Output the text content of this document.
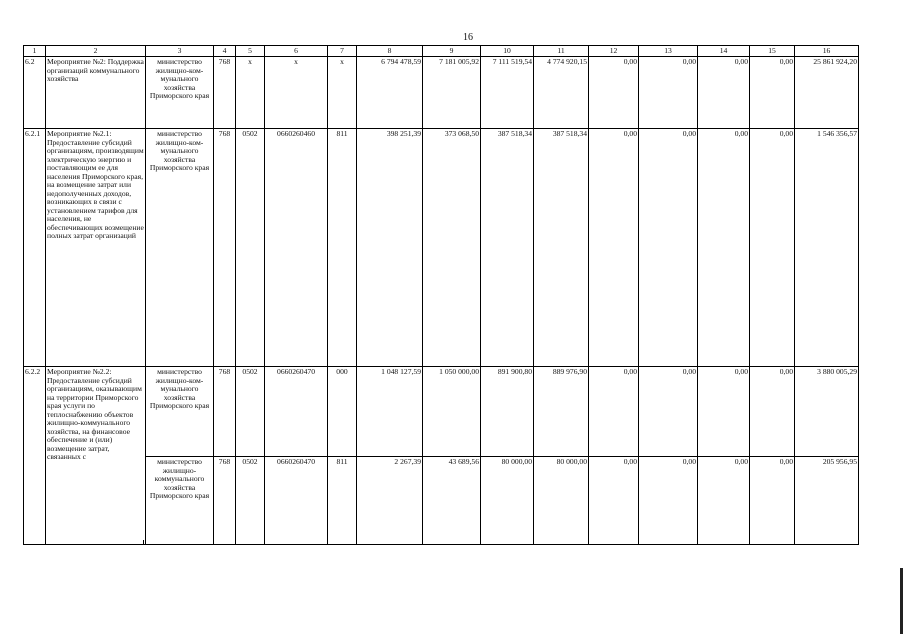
16
1	2	3	4	5	6	7	8	9	10	11	12	13	14	15	16
6.2	Мероприятие №2: Поддержка организаций коммунального хозяйства	министерство жилищно-ком-мунального хозяйства Приморского края	768	х	х	х	6 794 478,59	7 181 005,92	7 111 519,54	4 774 920,15	0,00	0,00	0,00	0,00	25 861 924,20
6.2.1	Мероприятие №2.1: Предоставление субсидий организациям, производящим электрическую энергию и поставляющим ее для населения Приморского края, на возмещение затрат или недополученных доходов, возникающих в связи с установлением тарифов для населения, не обеспечивающих возмещение полных затрат организаций	министерство жилищно-ком-мунального хозяйства Приморского края	768	0502	0660260460	811	398 251,39	373 068,50	387 518,34	387 518,34	0,00	0,00	0,00	0,00	1 546 356,57
6.2.2	Мероприятие №2.2: Предоставление субсидий организациям, оказывающим на территории Приморского края услуги по теплоснабжению объектов жилищно-коммунального хозяйства, на финансовое обеспечение и (или) возмещение затрат, связанных с	министерство жилищно-ком-мунального хозяйства Приморского края	768	0502	0660260470	000	1 048 127,59	1 050 000,00	891 900,80	889 976,90	0,00	0,00	0,00	0,00	3 880 005,29
		министерство жилищно-коммунального хозяйства Приморского края	768	0502	0660260470	811	2 267,39	43 689,56	80 000,00	80 000,00	0,00	0,00	0,00	0,00	205 956,95
